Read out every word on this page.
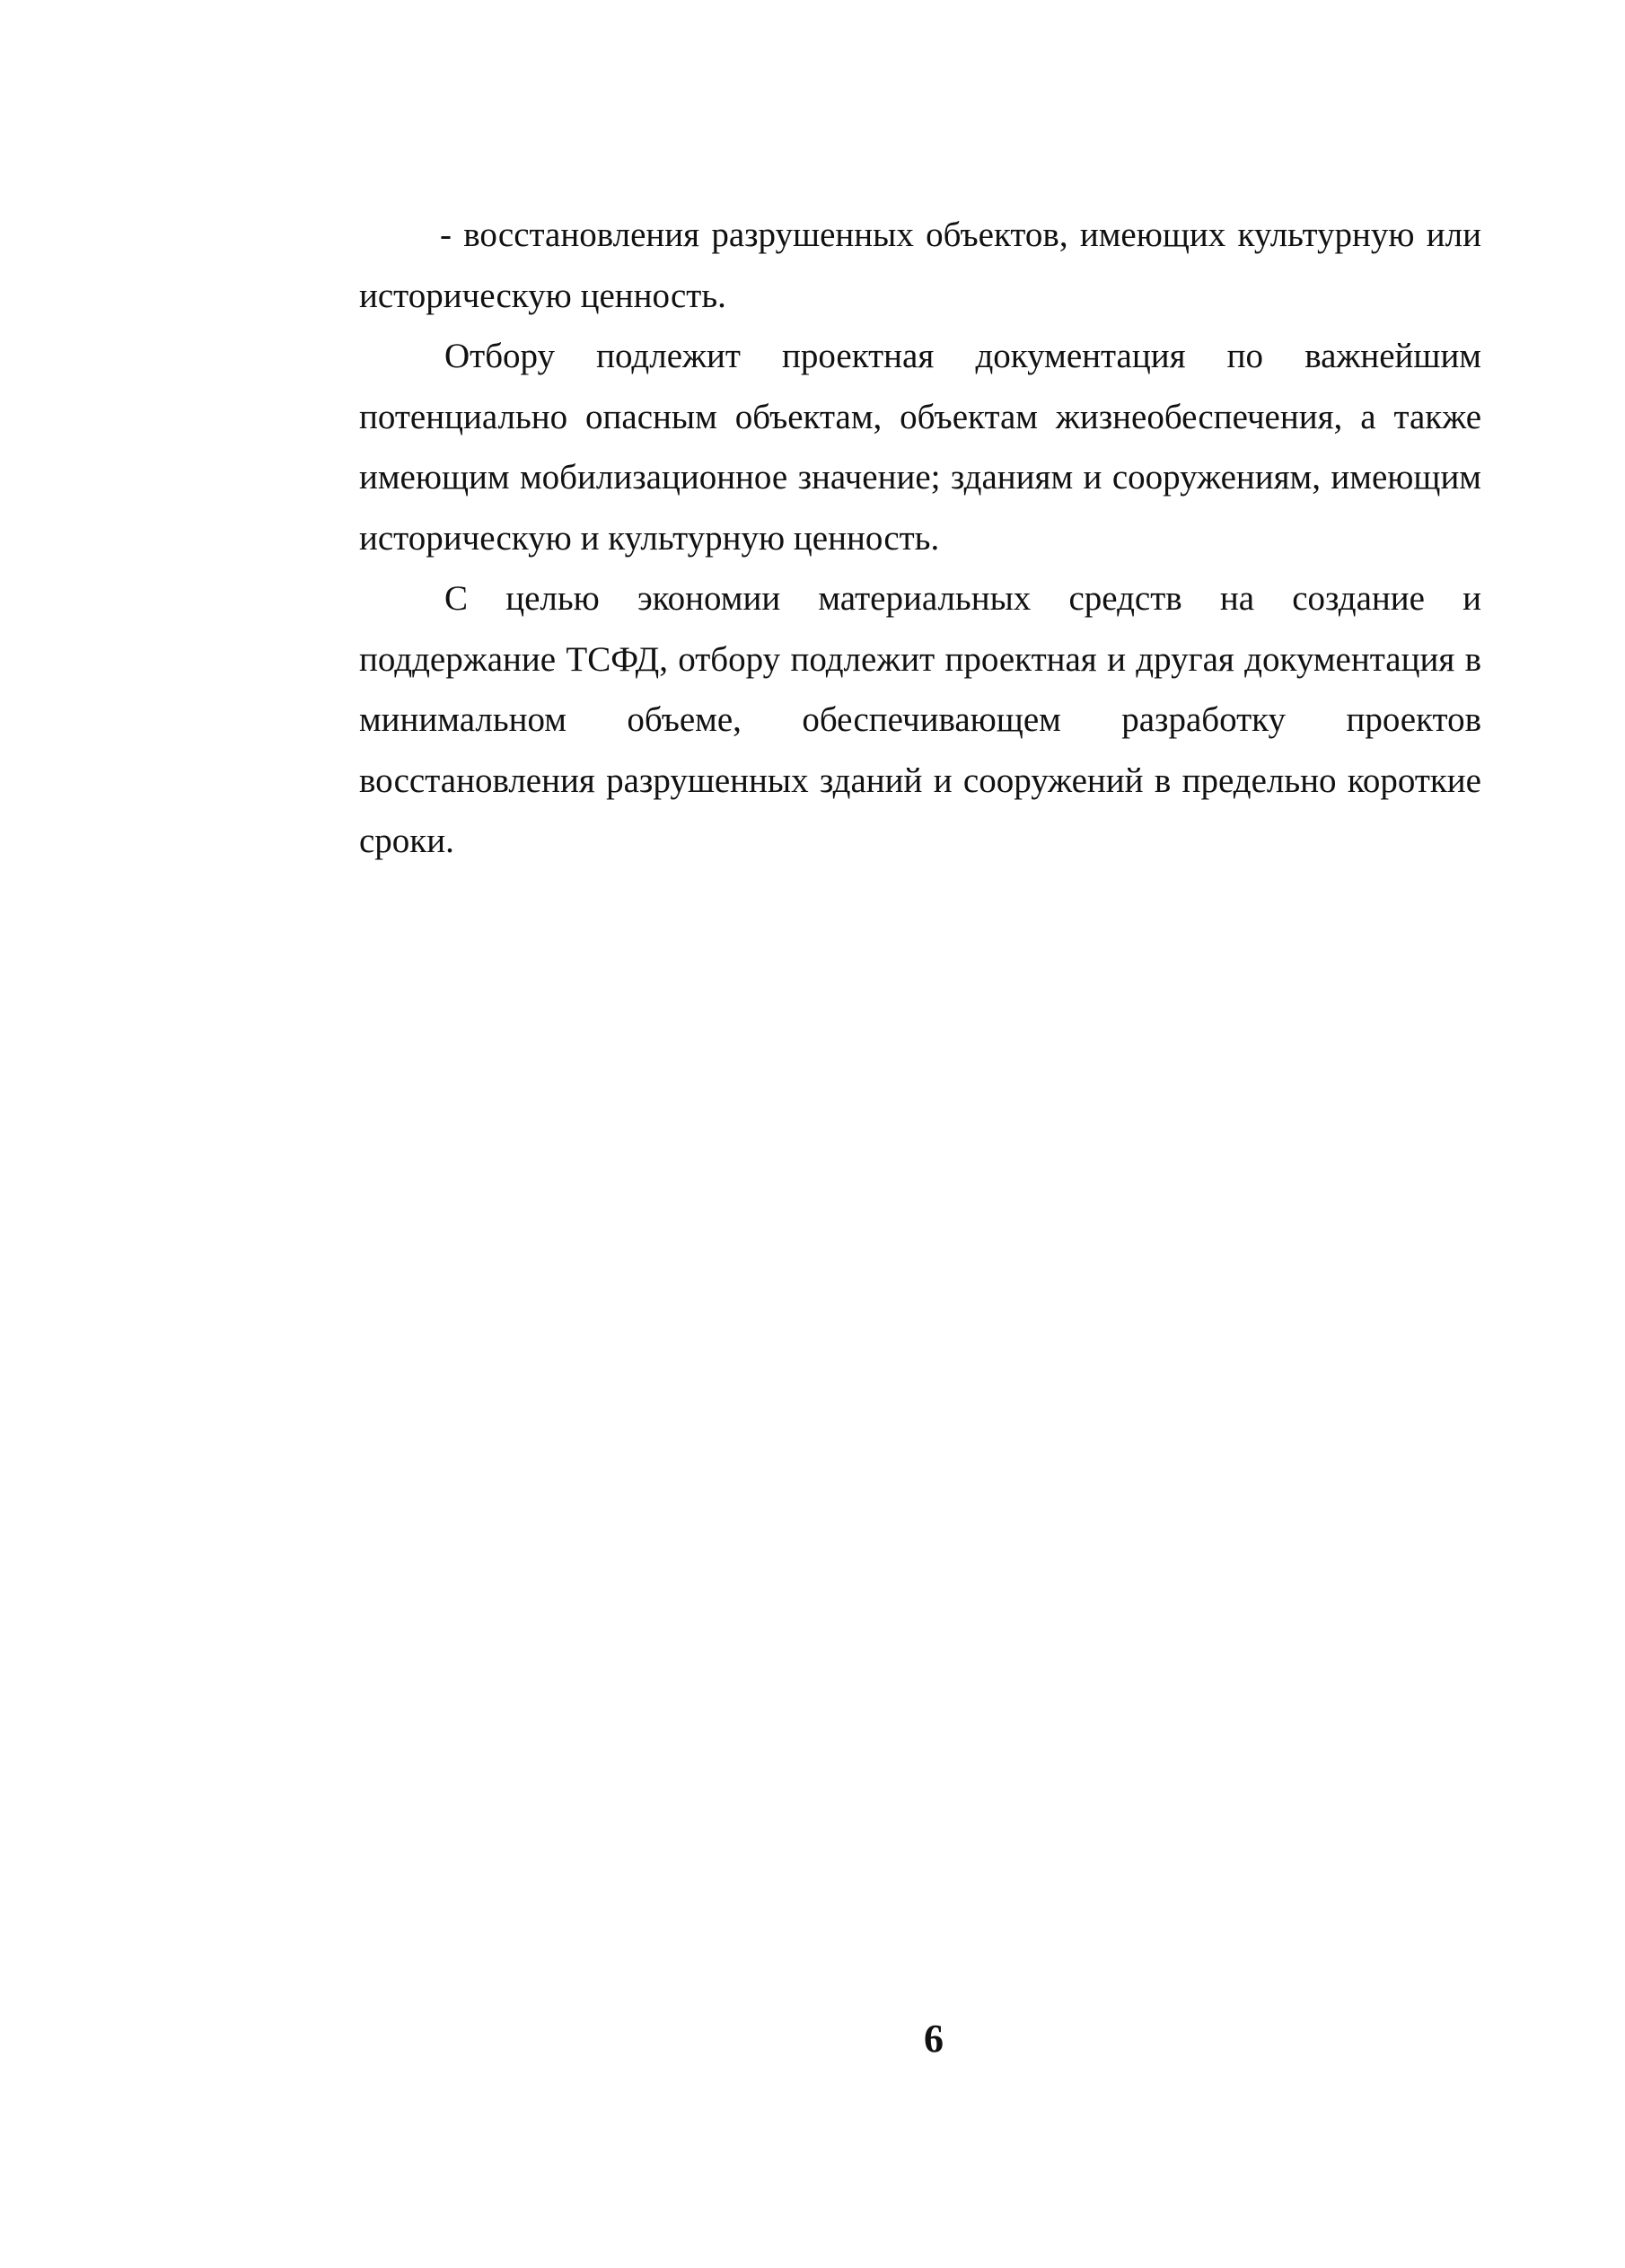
- восстановления разрушенных объектов, имеющих культурную или историческую ценность.

Отбору подлежит проектная документация по важнейшим потенциально опасным объектам, объектам жизнеобеспечения, а также имеющим мобилизационное значение; зданиям и сооружениям, имеющим историческую и культурную ценность.

С целью экономии материальных средств на создание и поддержание ТСФД, отбору подлежит проектная и другая документация в минимальном объеме, обеспечивающем разработку проектов восстановления разрушенных зданий и сооружений в предельно короткие сроки.

6
